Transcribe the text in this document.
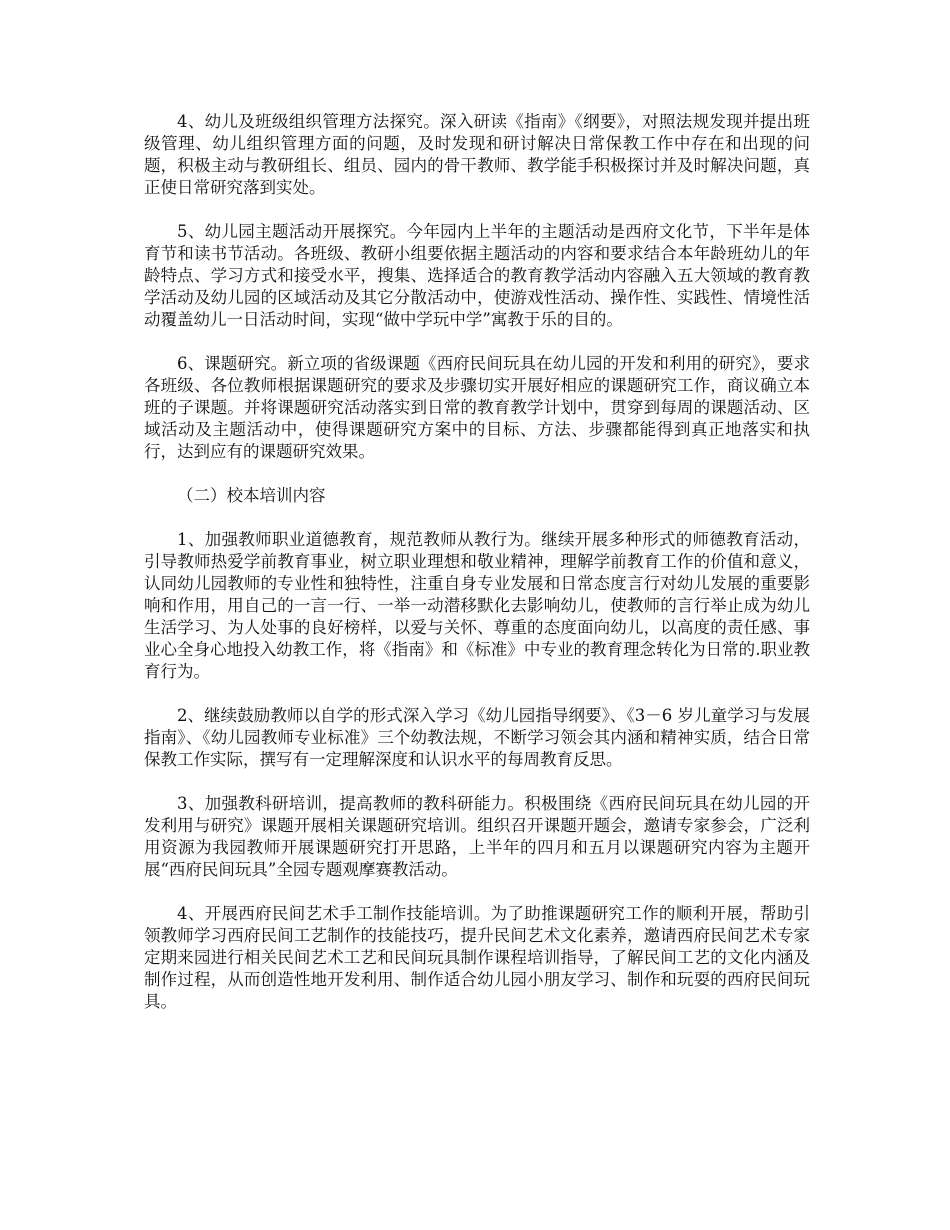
4、幼儿及班级组织管理方法探究。深入研读《指南》《纲要》，对照法规发现并提出班级管理、幼儿组织管理方面的问题，及时发现和研讨解决日常保教工作中存在和出现的问题，积极主动与教研组长、组员、园内的骨干教师、教学能手积极探讨并及时解决问题，真正使日常研究落到实处。

5、幼儿园主题活动开展探究。今年园内上半年的主题活动是西府文化节，下半年是体育节和读书节活动。各班级、教研小组要依据主题活动的内容和要求结合本年龄班幼儿的年龄特点、学习方式和接受水平，搜集、选择适合的教育教学活动内容融入五大领域的教育教学活动及幼儿园的区域活动及其它分散活动中，使游戏性活动、操作性、实践性、情境性活动覆盖幼儿一日活动时间，实现“做中学玩中学”寓教于乐的目的。

6、课题研究。新立项的省级课题《西府民间玩具在幼儿园的开发和利用的研究》，要求各班级、各位教师根据课题研究的要求及步骤切实开展好相应的课题研究工作，商议确立本班的子课题。并将课题研究活动落实到日常的教育教学计划中，贯穿到每周的课题活动、区域活动及主题活动中，使得课题研究方案中的目标、方法、步骤都能得到真正地落实和执行，达到应有的课题研究效果。

（二）校本培训内容

1、加强教师职业道德教育，规范教师从教行为。继续开展多种形式的师德教育活动，引导教师热爱学前教育事业，树立职业理想和敬业精神，理解学前教育工作的价值和意义，认同幼儿园教师的专业性和独特性，注重自身专业发展和日常态度言行对幼儿发展的重要影响和作用，用自己的一言一行、一举一动潜移默化去影响幼儿，使教师的言行举止成为幼儿生活学习、为人处事的良好榜样，以爱与关怀、尊重的态度面向幼儿，以高度的责任感、事业心全身心地投入幼教工作，将《指南》和《标准》中专业的教育理念转化为日常的.职业教育行为。

2、继续鼓励教师以自学的形式深入学习《幼儿园指导纲要》、《3－6 岁儿童学习与发展指南》、《幼儿园教师专业标准》三个幼教法规，不断学习领会其内涵和精神实质，结合日常保教工作实际，撰写有一定理解深度和认识水平的每周教育反思。

3、加强教科研培训，提高教师的教科研能力。积极围绕《西府民间玩具在幼儿园的开发利用与研究》课题开展相关课题研究培训。组织召开课题开题会，邀请专家参会，广泛利用资源为我园教师开展课题研究打开思路，上半年的四月和五月以课题研究内容为主题开展“西府民间玩具”全园专题观摩赛教活动。

4、开展西府民间艺术手工制作技能培训。为了助推课题研究工作的顺利开展，帮助引领教师学习西府民间工艺制作的技能技巧，提升民间艺术文化素养，邀请西府民间艺术专家定期来园进行相关民间艺术工艺和民间玩具制作课程培训指导，了解民间工艺的文化内涵及制作过程，从而创造性地开发利用、制作适合幼儿园小朋友学习、制作和玩耍的西府民间玩具。
